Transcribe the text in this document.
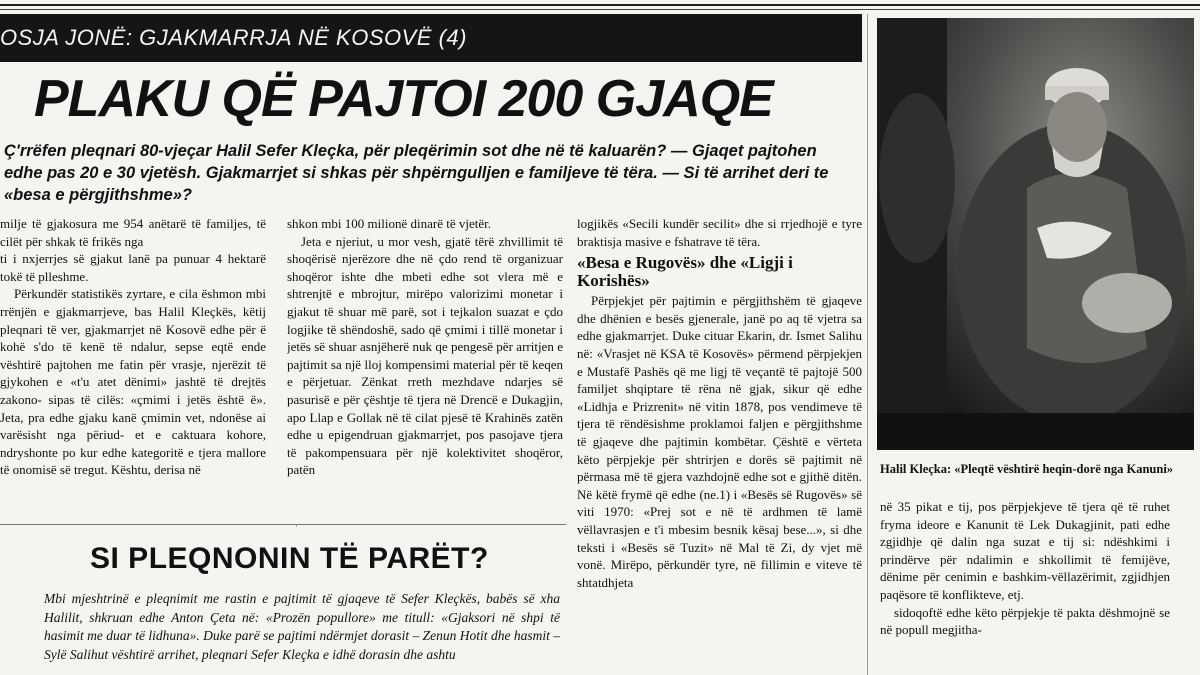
OSJA JONË: GJAKMARRJA NË KOSOVË (4)
PLAKU QË PAJTOI 200 GJAQE

Ç'rrëfen pleqnari 80-vjeçar Halil Sefer Kleçka, për pleqërimin sot dhe në të kaluarën? — Gjaqet pajtohen edhe pas 20 e 30 vjetësh. Gjakmarrjet si shkas për shpërngulljen e familjeve të tëra. — Si të arrihet deri te «besa e përgjithshme»?

milje të gjakosura me 954 anëtarë të familjes, të cilët për shkak të frikës nga

ti i nxjerrjes së gjakut lanë pa punuar 4 hektarë tokë të plleshme.

Përkundër statistikës zyrtare, e cila ëshmon mbi rrënjën e gjakmarrjeve, bas Halil Kleçkës, këtij pleqnari të ver, gjakmarrjet në Kosovë edhe për ë kohë s'do të kenë të ndalur, sepse eqtë ende vështirë pajtohen me fatin për vrasje, njerëzit të gjykohen e «t'u atet dënimi» jashtë të drejtës zakono- sipas të cilës: «çmimi i jetës është ë». Jeta, pra edhe gjaku kanë çmimin vet, ndonëse ai varësisht nga përiud- et e caktuara kohore, ndryshonte po kur edhe kategoritë e tjera mallore të onomisë së tregut. Kështu, derisa në

shkon mbi 100 milionë dinarë të vjetër.

Jeta e njeriut, u mor vesh, gjatë tërë zhvillimit të shoqërisë njerëzore dhe në çdo rend të organizuar shoqëror ishte dhe mbeti edhe sot vlera më e shtrenjtë e mbrojtur, mirëpo valorizimi monetar i gjakut të shuar më parë, sot i tejkalon suazat e çdo logjike të shëndoshë, sado që çmimi i tillë monetar i jetës së shuar asnjëherë nuk qe pengesë për arritjen e pajtimit sa një lloj kompensimi material për të keqen e përjetuar. Zënkat rreth mezhdave ndarjes së pasurisë e për çështje të tjera në Drencë e Dukagjin, apo Llap e Gollak në të cilat pjesë të Krahinës zatën edhe u epigendruan gjakmarrjet, pos pasojave tjera të pakompensuara për një kolektivitet shoqëror, patën

logjikës «Secili kundër secilit» dhe si rrjedhojë e tyre braktisja masive e fshatrave të tëra.

«Besa e Rugovës» dhe «Ligji i Korishës»

Përpjekjet për pajtimin e përgjithshëm të gjaqeve dhe dhënien e besës gjenerale, janë po aq të vjetra sa edhe gjakmarrjet. Duke cituar Ekarin, dr. Ismet Salihu në: «Vrasjet në KSA të Kosovës» përmend përpjekjen e Mustafë Pashës që me ligj të veçantë të pajtojë 500 familjet shqiptare të rëna në gjak, sikur që edhe «Lidhja e Prizrenit» në vitin 1878, pos vendimeve të tjera të rëndësishme proklamoi faljen e përgjithshme të gjaqeve dhe pajtimin kombëtar. Çështë e vërteta këto përpjekje për shtrirjen e dorës së pajtimit në përmasa më të gjera vazhdojnë edhe sot e gjithë ditën. Në këtë frymë që edhe (ne.1) i «Besës së Rugovës» së viti 1970: «Prej sot e në të ardhmen të lamë vëllavrasjen e t'i mbesim besnik kësaj bese...», si dhe teksti i «Besës së Tuzit» në Mal të Zi, dy vjet më vonë. Mirëpo, përkundër tyre, në fillimin e viteve të shtatdhjeta

·
SI PLEQNONIN TË PARËT?

Mbi mjeshtrinë e pleqnimit me rastin e pajtimit të gjaqeve të Sefer Kleçkës, babës së xha Halilit, shkruan edhe Anton Çeta në: «Prozën popullore» me titull: «Gjaksori në shpi të hasimit me duar të lidhuna». Duke parë se pajtimi ndërmjet dorasit – Zenun Hotit dhe hasmit – Sylë Salihut vështirë arrihet, pleqnari Sefer Kleçka e idhë dorasin dhe ashtu

Halil Kleçka: «Pleqtë vështirë heqin-dorë nga Kanuni»

në 35 pikat e tij, pos përpjekjeve të tjera që të ruhet fryma ideore e Kanunit të Lek Dukagjinit, pati edhe zgjidhje që dalin nga suzat e tij si: ndëshkimi i prindërve për ndalimin e shkollimit të femijëve, dënime për cenimin e bashkim-vëllazërimit, zgjidhjen paqësore të konflikteve, etj.

sidoqoftë edhe këto përpjekje të pakta dëshmojnë se në popull megjitha-
